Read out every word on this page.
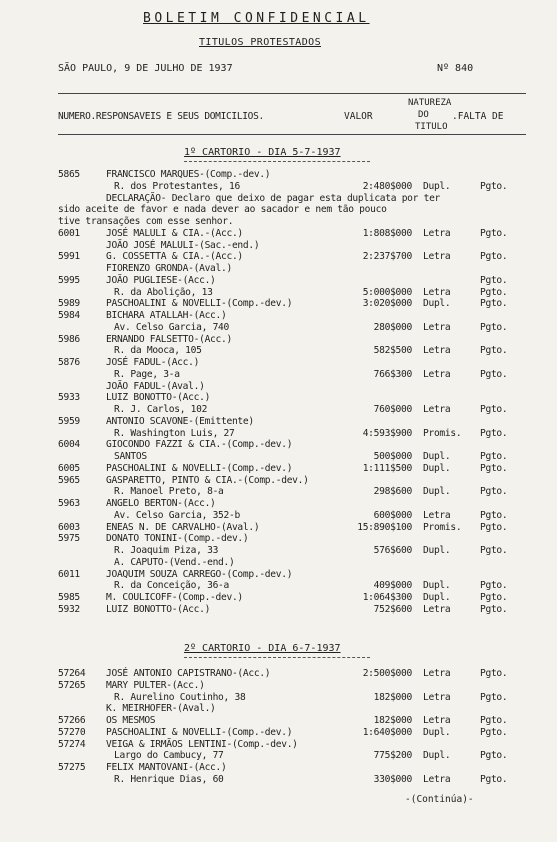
BOLETIM CONFIDENCIAL
TITULOS PROTESTADOS
SÃO PAULO, 9 DE JULHO DE 1937	Nº 840
NUMERO.RESPONSAVEIS E SEUS DOMICILIOS.	VALOR
NATUREZA
DO
TITULO
.FALTA DE
1º CARTORIO - DIA 5-7-1937
5865	FRANCISCO MARQUES-(Comp.-dev.)
R. dos Protestantes, 16	2:480$000 Dupl.	Pgto.
DECLARAÇÃO- Declaro que deixo de pagar esta duplicata por ter
sido aceite de favor e nada dever ao sacador e nem tão pouco
tive transações com esse senhor.
6001	JOSÉ MALULI & CIA.-(Acc.)	1:808$000 Letra	Pgto.
JOÃO JOSÉ MALULI-(Sac.-end.)
5991	G. COSSETTA & CIA.-(Acc.)	2:237$700 Letra	Pgto.
FIORENZO GRONDA-(Aval.)
5995	JOÃO PUGLIESE-(Acc.)	Pgto.
R. da Abolição, 13	5:000$000 Letra	Pgto.
5989	PASCHOALINI & NOVELLI-(Comp.-dev.)	3:020$000 Dupl.	Pgto.
5984	BICHARA ATALLAH-(Acc.)
Av. Celso Garcia, 740	280$000 Letra	Pgto.
5986	ERNANDO FALSETTO-(Acc.)
R. da Mooca, 105	582$500 Letra	Pgto.
5876	JOSÉ FADUL-(Acc.)
R. Page, 3-a	766$300 Letra	Pgto.
JOÃO FADUL-(Aval.)
5933	LUIZ BONOTTO-(Acc.)
R. J. Carlos, 102	760$000 Letra	Pgto.
5959	ANTONIO SCAVONE-(Emittente)
R. Washington Luis, 27	4:593$900 Promis. Pgto.
6004	GIOCONDO FAZZI & CIA.-(Comp.-dev.)
SANTOS	500$000 Dupl.	Pgto.
6005	PASCHOALINI & NOVELLI-(Comp.-dev.)	1:111$500 Dupl.	Pgto.
5965	GASPARETTO, PINTO & CIA.-(Comp.-dev.)
R. Manoel Preto, 8-a	298$600 Dupl.	Pgto.
5963	ANGELO BERTON-(Acc.)
Av. Celso Garcia, 352-b	600$000 Letra	Pgto.
6003	ENEAS N. DE CARVALHO-(Aval.)	15:890$100 Promis. Pgto.
5975	DONATO TONINI-(Comp.-dev.)
R. Joaquim Piza, 33	576$600 Dupl.	Pgto.
A. CAPUTO-(Vend.-end.)
6011	JOAQUIM SOUZA CARREGO-(Comp.-dev.)
R. da Conceição, 36-a	409$000 Dupl.	Pgto.
5985	M. COULICOFF-(Comp.-dev.)	1:064$300 Dupl.	Pgto.
5932	LUIZ BONOTTO-(Acc.)	752$600 Letra	Pgto.
2º CARTORIO - DIA 6-7-1937
57264 JOSÉ ANTONIO CAPISTRANO-(Acc.)	2:500$000 Letra	Pgto.
57265 MARY PULTER-(Acc.)
R. Aurelino Coutinho, 38	182$000 Letra	Pgto.
K. MEIRHOFER-(Aval.)
57266 OS MESMOS	182$000 Letra	Pgto.
57270 PASCHOALINI & NOVELLI-(Comp.-dev.)	1:640$000 Dupl.	Pgto.
57274 VEIGA & IRMÃOS LENTINI-(Comp.-dev.)
Largo do Cambucy, 77	775$200 Dupl.	Pgto.
57275 FELIX MANTOVANI-(Acc.)
R. Henrique Dias, 60	330$000 Letra	Pgto.
-(Continúa)-
